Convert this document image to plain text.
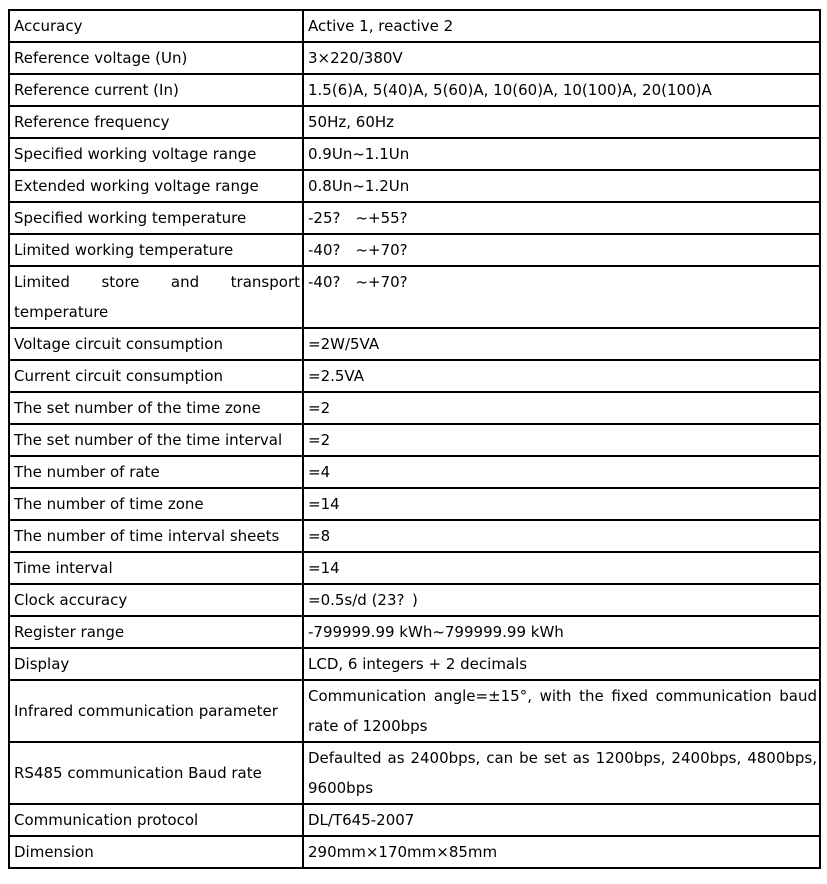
Accuracy	Active 1, reactive 2
Reference voltage (Un)	3×220/380V
Reference current (In)	1.5(6)A, 5(40)A, 5(60)A, 10(60)A, 10(100)A, 20(100)A
Reference frequency	50Hz, 60Hz
Specified working voltage range	0.9Un~1.1Un
Extended working voltage range	0.8Un~1.2Un
Specified working temperature	-25? ~+55?
Limited working temperature	-40? ~+70?
Limited store and transport temperature	-40? ~+70?
Voltage circuit consumption	=2W/5VA
Current circuit consumption	=2.5VA
The set number of the time zone	=2
The set number of the time interval	=2
The number of rate	=4
The number of time zone	=14
The number of time interval sheets	=8
Time interval	=14
Clock accuracy	=0.5s/d (23? )
Register range	-799999.99 kWh~799999.99 kWh
Display	LCD, 6 integers + 2 decimals
Infrared communication parameter	Communication angle=±15°, with the fixed communication baud rate of 1200bps
RS485 communication Baud rate	Defaulted as 2400bps, can be set as 1200bps, 2400bps, 4800bps, 9600bps
Communication protocol	DL/T645-2007
Dimension	290mm×170mm×85mm
